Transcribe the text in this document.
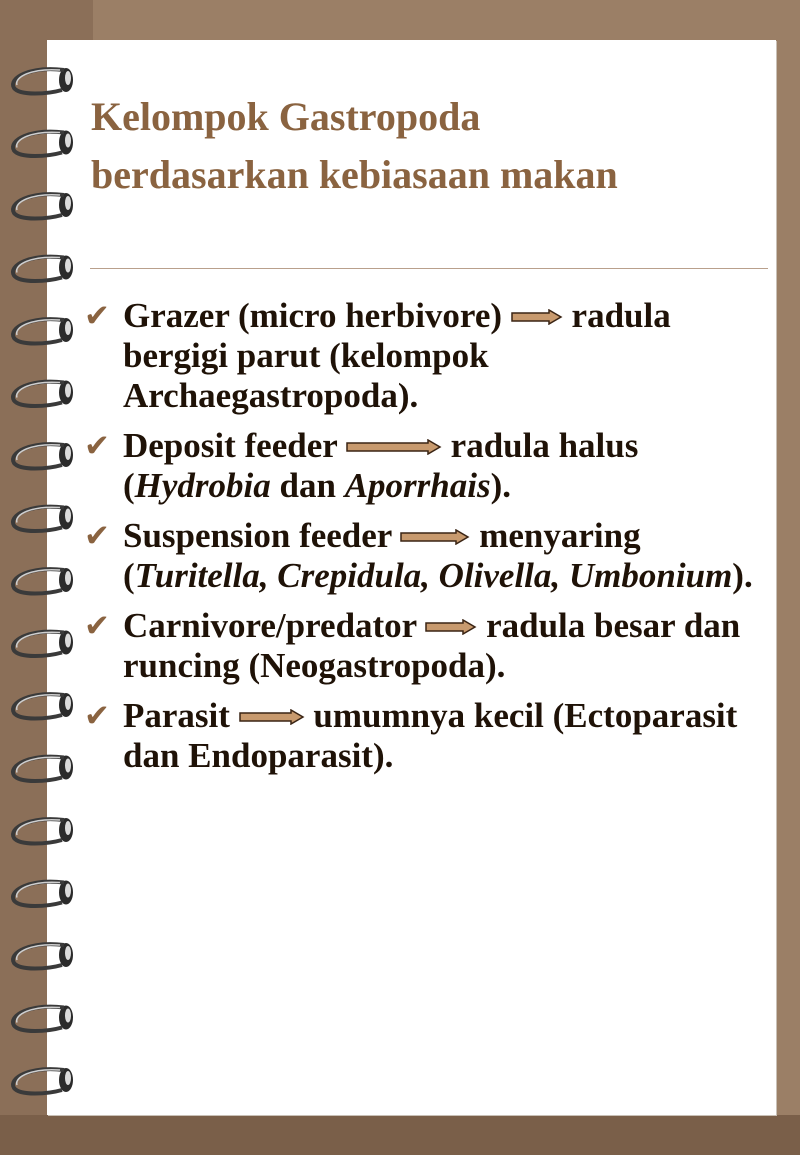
Kelompok Gastropoda
berdasarkan kebiasaan makan
✔ Grazer (micro herbivore) radula bergigi parut (kelompok Archaegastropoda).
✔ Deposit feeder	radula halus (Hydrobia dan Aporrhais).
✔ Suspension feeder	menyaring (Turitella, Crepidula, Olivella, Umbonium).
✔ Carnivore/predator radula besar dan runcing (Neogastropoda).
✔ Parasit umumnya kecil (Ectoparasit dan Endoparasit).
